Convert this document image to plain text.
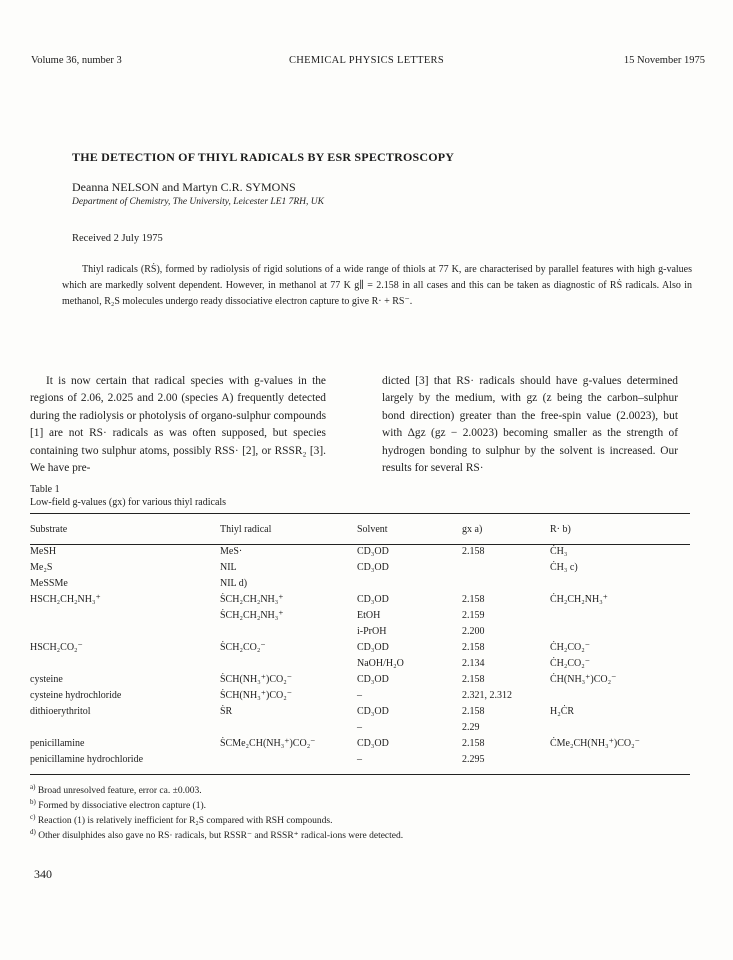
Volume 36, number 3	CHEMICAL PHYSICS LETTERS	15 November 1975
THE DETECTION OF THIYL RADICALS BY ESR SPECTROSCOPY
Deanna NELSON and Martyn C.R. SYMONS
Department of Chemistry, The University, Leicester LE1 7RH, UK
Received 2 July 1975
Thiyl radicals (RṠ), formed by radiolysis of rigid solutions of a wide range of thiols at 77 K, are characterised by parallel features with high g-values which are markedly solvent dependent. However, in methanol at 77 K g∥ = 2.158 in all cases and this can be taken as diagnostic of RṠ radicals. Also in methanol, R₂S molecules undergo ready dissociative electron capture to give R· + RS⁻.
It is now certain that radical species with g-values in the regions of 2.06, 2.025 and 2.00 (species A) frequently detected during the radiolysis or photolysis of organo-sulphur compounds [1] are not RS· radicals as was often supposed, but species containing two sulphur atoms, possibly RSS· [2], or RSSR₂ [3]. We have pre-
dicted [3] that RS· radicals should have g-values determined largely by the medium, with gz (z being the carbon–sulphur bond direction) greater than the free-spin value (2.0023), but with Δgz (gz − 2.0023) becoming smaller as the strength of hydrogen bonding to sulphur by the solvent is increased. Our results for several RS·
Table 1
Low-field g-values (gx) for various thiyl radicals
Substrate	Thiyl radical	Solvent	gx a)	R· b)
MeSH	MeS·	CD₃OD	2.158	ĊH₃
Me₂S	NIL	CD₃OD		ĊH₃ c)
MeSSMe	NIL d)			
HSCH₂CH₂NH₃⁺	ṠCH₂CH₂NH₃⁺	CD₃OD	2.158	ĊH₂CH₂NH₃⁺
	ṠCH₂CH₂NH₃⁺	EtOH	2.159	
		i-PrOH	2.200	
HSCH₂CO₂⁻	ṠCH₂CO₂⁻	CD₃OD	2.158	ĊH₂CO₂⁻
		NaOH/H₂O	2.134	ĊH₂CO₂⁻
cysteine	ṠCH(NH₃⁺)CO₂⁻	CD₃OD	2.158	ĊH(NH₃⁺)CO₂⁻
cysteine hydrochloride	ṠCH(NH₃⁺)CO₂⁻	–	2.321, 2.312	
dithioerythritol	ṠR	CD₃OD	2.158	H₂ĊR
		–	2.29	
penicillamine	ṠCMe₂CH(NH₃⁺)CO₂⁻	CD₃OD	2.158	ĊMe₂CH(NH₃⁺)CO₂⁻
penicillamine hydrochloride		–	2.295	
$^{a)}$ Broad unresolved feature, error ca. ±0.003.
$^{b)}$ Formed by dissociative electron capture (1).
$^{c)}$ Reaction (1) is relatively inefficient for R₂S compared with RSH compounds.
$^{d)}$ Other disulphides also gave no RS· radicals, but RSSR⁻ and RSSR⁺ radical-ions were detected.
340
